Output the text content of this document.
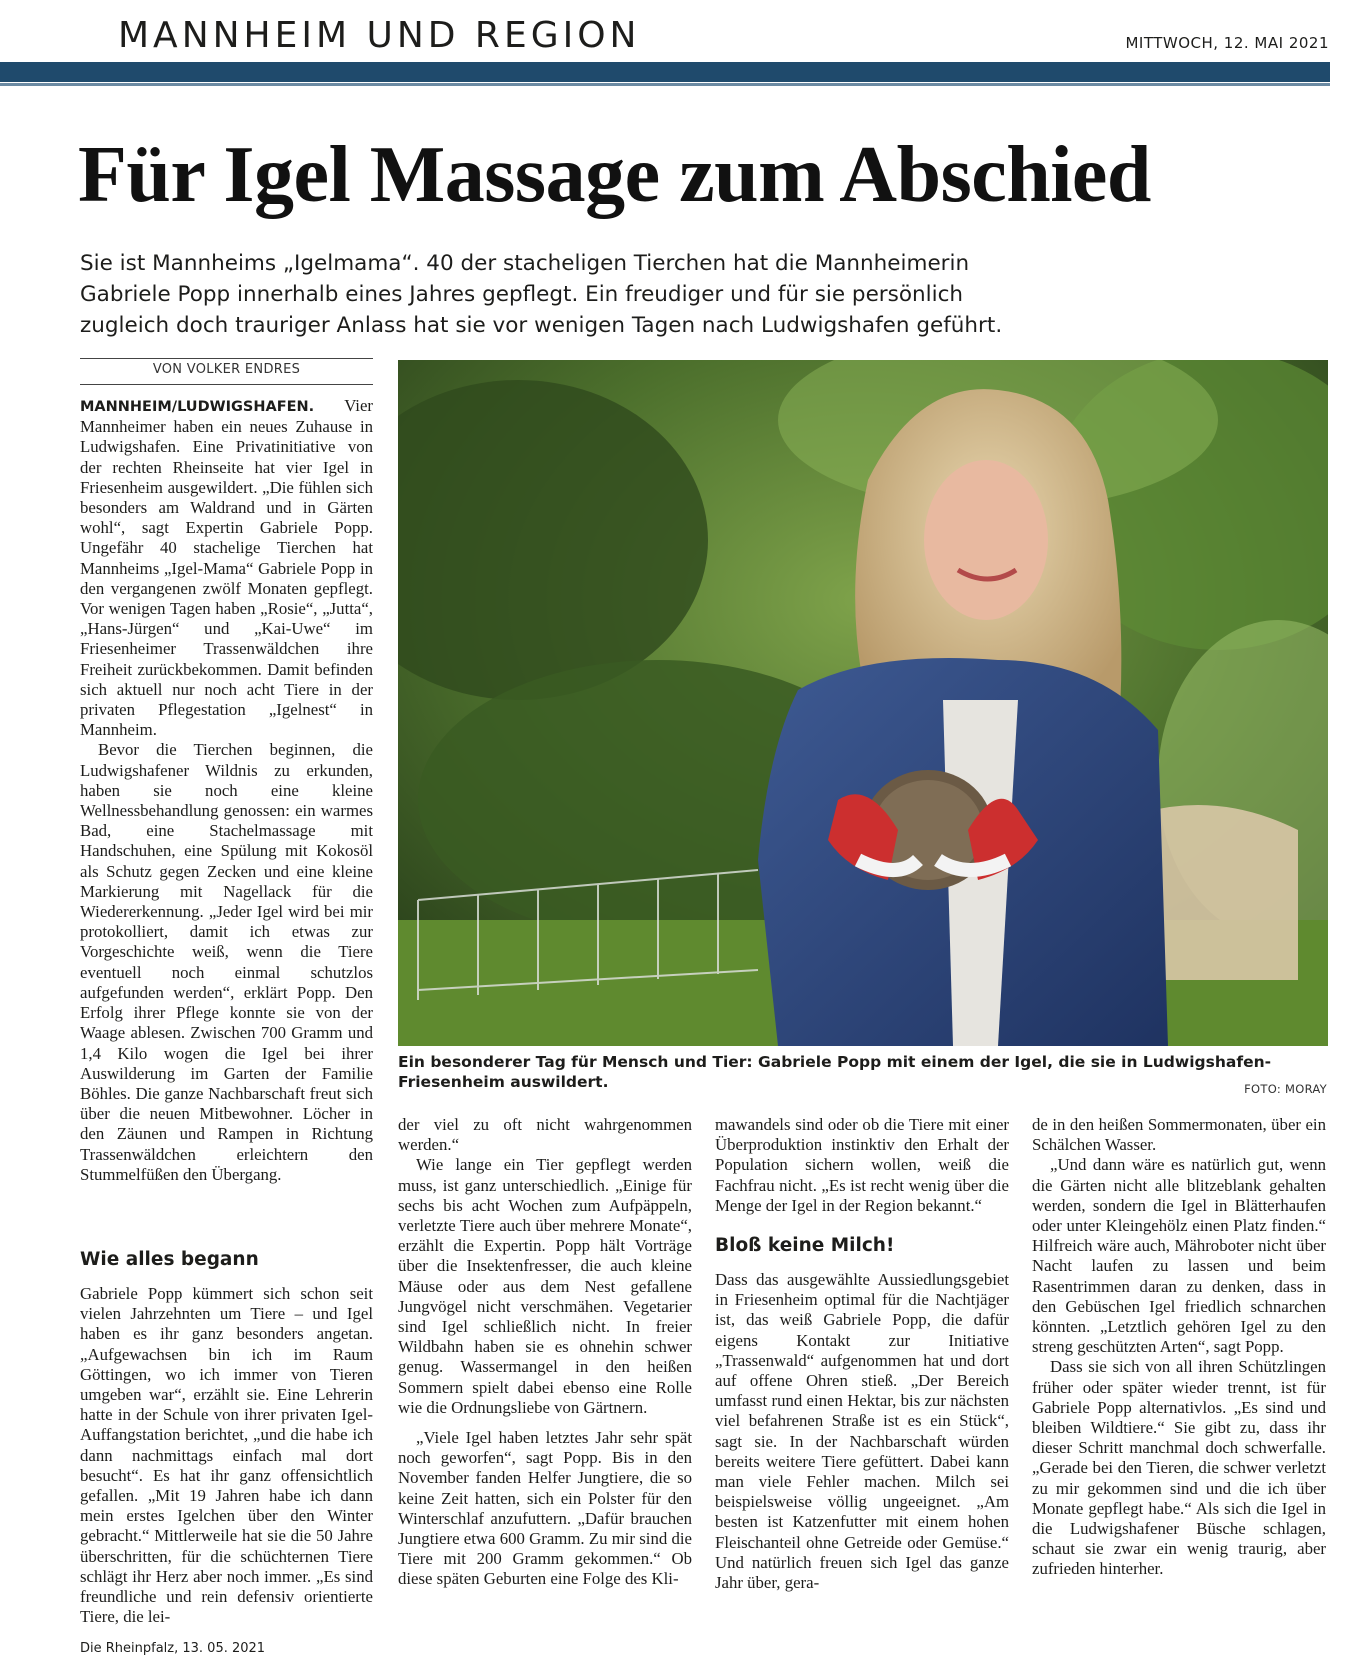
MANNHEIM UND REGION	MITTWOCH, 12. MAI 2021
Für Igel Massage zum Abschied
Sie ist Mannheims „Igelmama“. 40 der stacheligen Tierchen hat die Mannheimerin
Gabriele Popp innerhalb eines Jahres gepflegt. Ein freudiger und für sie persönlich
zugleich doch trauriger Anlass hat sie vor wenigen Tagen nach Ludwigshafen geführt.
VON VOLKER ENDRES

MANNHEIM/LUDWIGSHAFEN. Vier Mannheimer haben ein neues Zuhause in Ludwigshafen. Eine Privatinitiative von der rechten Rheinseite hat vier Igel in Friesenheim ausgewildert. „Die fühlen sich besonders am Waldrand und in Gärten wohl“, sagt Expertin Gabriele Popp. Ungefähr 40 stachelige Tierchen hat Mannheims „Igel-Mama“ Gabriele Popp in den vergangenen zwölf Monaten gepflegt. Vor wenigen Tagen haben „Rosie“, „Jutta“, „Hans-Jürgen“ und „Kai-Uwe“ im Friesenheimer Trassenwäldchen ihre Freiheit zurückbekommen. Damit befinden sich aktuell nur noch acht Tiere in der privaten Pflegestation „Igelnest“ in Mannheim.

Bevor die Tierchen beginnen, die Ludwigshafener Wildnis zu erkunden, haben sie noch eine kleine Wellnessbehandlung genossen: ein warmes Bad, eine Stachelmassage mit Handschuhen, eine Spülung mit Kokosöl als Schutz gegen Zecken und eine kleine Markierung mit Nagellack für die Wiedererkennung. „Jeder Igel wird bei mir protokolliert, damit ich etwas zur Vorgeschichte weiß, wenn die Tiere eventuell noch einmal schutzlos aufgefunden werden“, erklärt Popp. Den Erfolg ihrer Pflege konnte sie von der Waage ablesen. Zwischen 700 Gramm und 1,4 Kilo wogen die Igel bei ihrer Auswilderung im Garten der Familie Böhles. Die ganze Nachbarschaft freut sich über die neuen Mitbewohner. Löcher in den Zäunen und Rampen in Richtung Trassenwäldchen erleichtern den Stummelfüßen den Übergang.

Wie alles begann

Gabriele Popp kümmert sich schon seit vielen Jahrzehnten um Tiere – und Igel haben es ihr ganz besonders angetan. „Aufgewachsen bin ich im Raum Göttingen, wo ich immer von Tieren umgeben war“, erzählt sie. Eine Lehrerin hatte in der Schule von ihrer privaten Igel-Auffangstation berichtet, „und die habe ich dann nachmittags einfach mal dort besucht“. Es hat ihr ganz offensichtlich gefallen. „Mit 19 Jahren habe ich dann mein erstes Igelchen über den Winter gebracht.“ Mittlerweile hat sie die 50 Jahre überschritten, für die schüchternen Tiere schlägt ihr Herz aber noch immer. „Es sind freundliche und rein defensiv orientierte Tiere, die lei-

der viel zu oft nicht wahrgenommen werden.“

Wie lange ein Tier gepflegt werden muss, ist ganz unterschiedlich. „Einige für sechs bis acht Wochen zum Aufpäppeln, verletzte Tiere auch über mehrere Monate“, erzählt die Expertin. Popp hält Vorträge über die Insektenfresser, die auch kleine Mäuse oder aus dem Nest gefallene Jungvögel nicht verschmähen. Vegetarier sind Igel schließlich nicht. In freier Wildbahn haben sie es ohnehin schwer genug. Wassermangel in den heißen Sommern spielt dabei ebenso eine Rolle wie die Ordnungsliebe von Gärtnern.

„Viele Igel haben letztes Jahr sehr spät noch geworfen“, sagt Popp. Bis in den November fanden Helfer Jungtiere, die so keine Zeit hatten, sich ein Polster für den Winterschlaf anzufuttern. „Dafür brauchen Jungtiere etwa 600 Gramm. Zu mir sind die Tiere mit 200 Gramm gekommen.“ Ob diese späten Geburten eine Folge des Kli-

mawandels sind oder ob die Tiere mit einer Überproduktion instinktiv den Erhalt der Population sichern wollen, weiß die Fachfrau nicht. „Es ist recht wenig über die Menge der Igel in der Region bekannt.“

Bloß keine Milch!

Dass das ausgewählte Aussiedlungsgebiet in Friesenheim optimal für die Nachtjäger ist, das weiß Gabriele Popp, die dafür eigens Kontakt zur Initiative „Trassenwald“ aufgenommen hat und dort auf offene Ohren stieß. „Der Bereich umfasst rund einen Hektar, bis zur nächsten viel befahrenen Straße ist es ein Stück“, sagt sie. In der Nachbarschaft würden bereits weitere Tiere gefüttert. Dabei kann man viele Fehler machen. Milch sei beispielsweise völlig ungeeignet. „Am besten ist Katzenfutter mit einem hohen Fleischanteil ohne Getreide oder Gemüse.“ Und natürlich freuen sich Igel das ganze Jahr über, gera-

de in den heißen Sommermonaten, über ein Schälchen Wasser.

„Und dann wäre es natürlich gut, wenn die Gärten nicht alle blitzeblank gehalten werden, sondern die Igel in Blätterhaufen oder unter Kleingehölz einen Platz finden.“ Hilfreich wäre auch, Mähroboter nicht über Nacht laufen zu lassen und beim Rasentrimmen daran zu denken, dass in den Gebüschen Igel friedlich schnarchen könnten. „Letztlich gehören Igel zu den streng geschützten Arten“, sagt Popp.

Dass sie sich von all ihren Schützlingen früher oder später wieder trennt, ist für Gabriele Popp alternativlos. „Es sind und bleiben Wildtiere.“ Sie gibt zu, dass ihr dieser Schritt manchmal doch schwerfalle. „Gerade bei den Tieren, die schwer verletzt zu mir gekommen sind und die ich über Monate gepflegt habe.“ Als sich die Igel in die Ludwigshafener Büsche schlagen, schaut sie zwar ein wenig traurig, aber zufrieden hinterher.

Ein besonderer Tag für Mensch und Tier: Gabriele Popp mit einem der Igel, die sie in Ludwigshafen-Friesenheim auswildert.	FOTO: MORAY
Die Rheinpfalz, 13. 05. 2021
